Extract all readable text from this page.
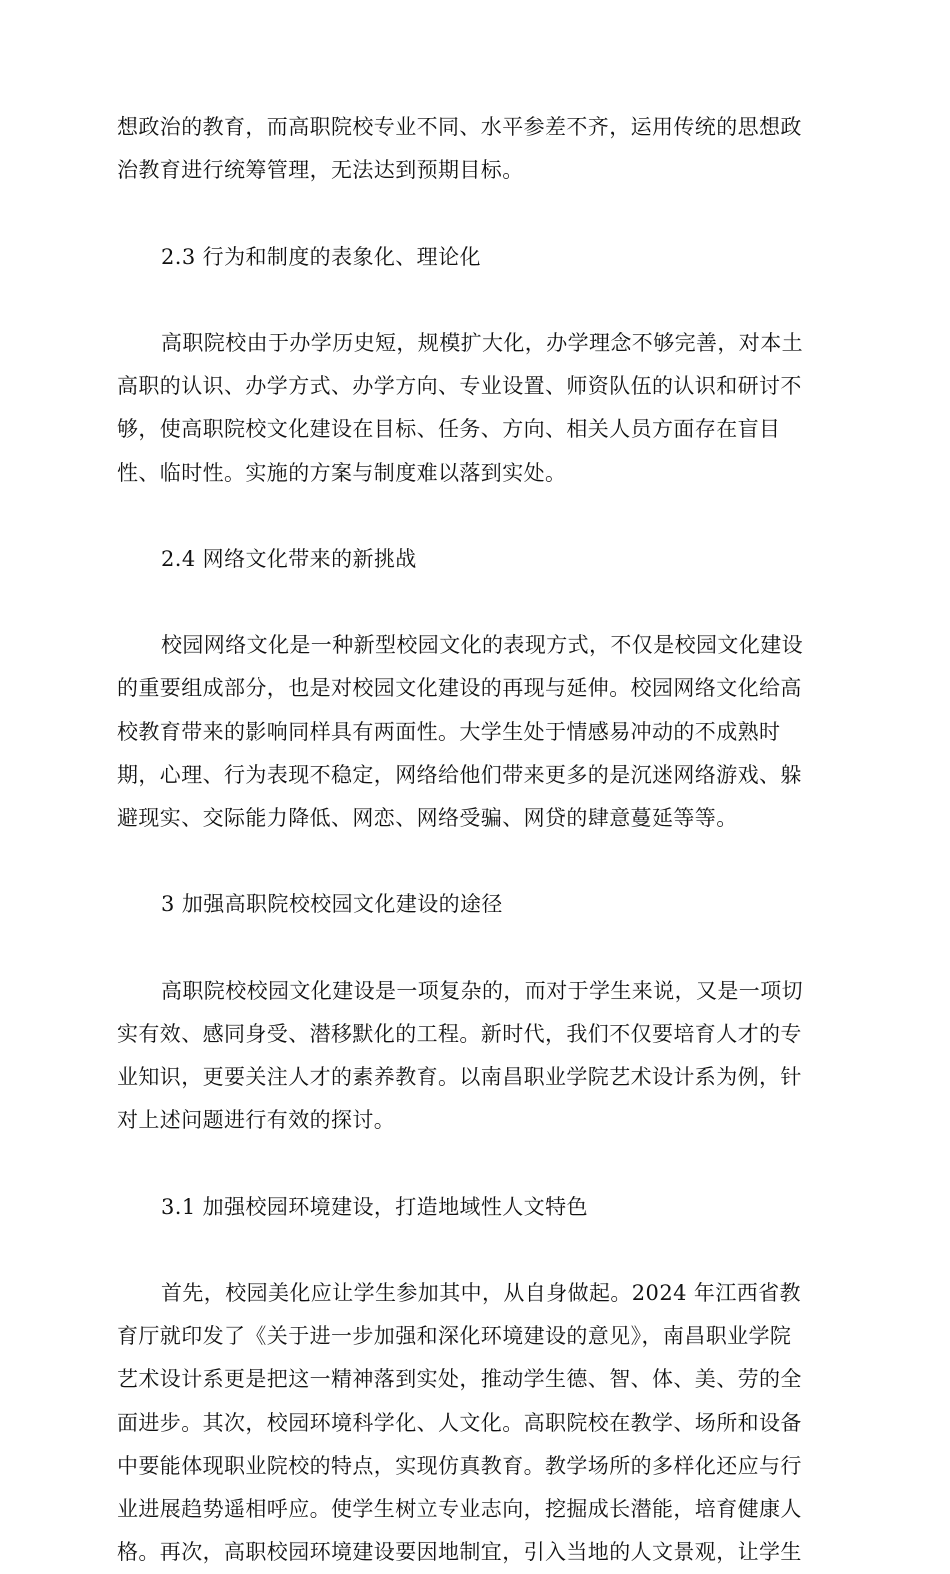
想政治的教育，而高职院校专业不同、水平参差不齐，运用传统的思想政
治教育进行统筹管理，无法达到预期目标。
2.3 行为和制度的表象化、理论化
高职院校由于办学历史短，规模扩大化，办学理念不够完善，对本土
高职的认识、办学方式、办学方向、专业设置、师资队伍的认识和研讨不
够，使高职院校文化建设在目标、任务、方向、相关人员方面存在盲目
性、临时性。实施的方案与制度难以落到实处。
2.4 网络文化带来的新挑战
校园网络文化是一种新型校园文化的表现方式，不仅是校园文化建设
的重要组成部分，也是对校园文化建设的再现与延伸。校园网络文化给高
校教育带来的影响同样具有两面性。大学生处于情感易冲动的不成熟时
期，心理、行为表现不稳定，网络给他们带来更多的是沉迷网络游戏、躲
避现实、交际能力降低、网恋、网络受骗、网贷的肆意蔓延等等。
3 加强高职院校校园文化建设的途径
高职院校校园文化建设是一项复杂的，而对于学生来说，又是一项切
实有效、感同身受、潜移默化的工程。新时代，我们不仅要培育人才的专
业知识，更要关注人才的素养教育。以南昌职业学院艺术设计系为例，针
对上述问题进行有效的探讨。
3.1 加强校园环境建设，打造地域性人文特色
首先，校园美化应让学生参加其中，从自身做起。2024 年江西省教
育厅就印发了《关于进一步加强和深化环境建设的意见》，南昌职业学院
艺术设计系更是把这一精神落到实处，推动学生德、智、体、美、劳的全
面进步。其次，校园环境科学化、人文化。高职院校在教学、场所和设备
中要能体现职业院校的特点，实现仿真教育。教学场所的多样化还应与行
业进展趋势遥相呼应。使学生树立专业志向，挖掘成长潜能，培育健康人
格。再次，高职校园环境建设要因地制宜，引入当地的人文景观，让学生
